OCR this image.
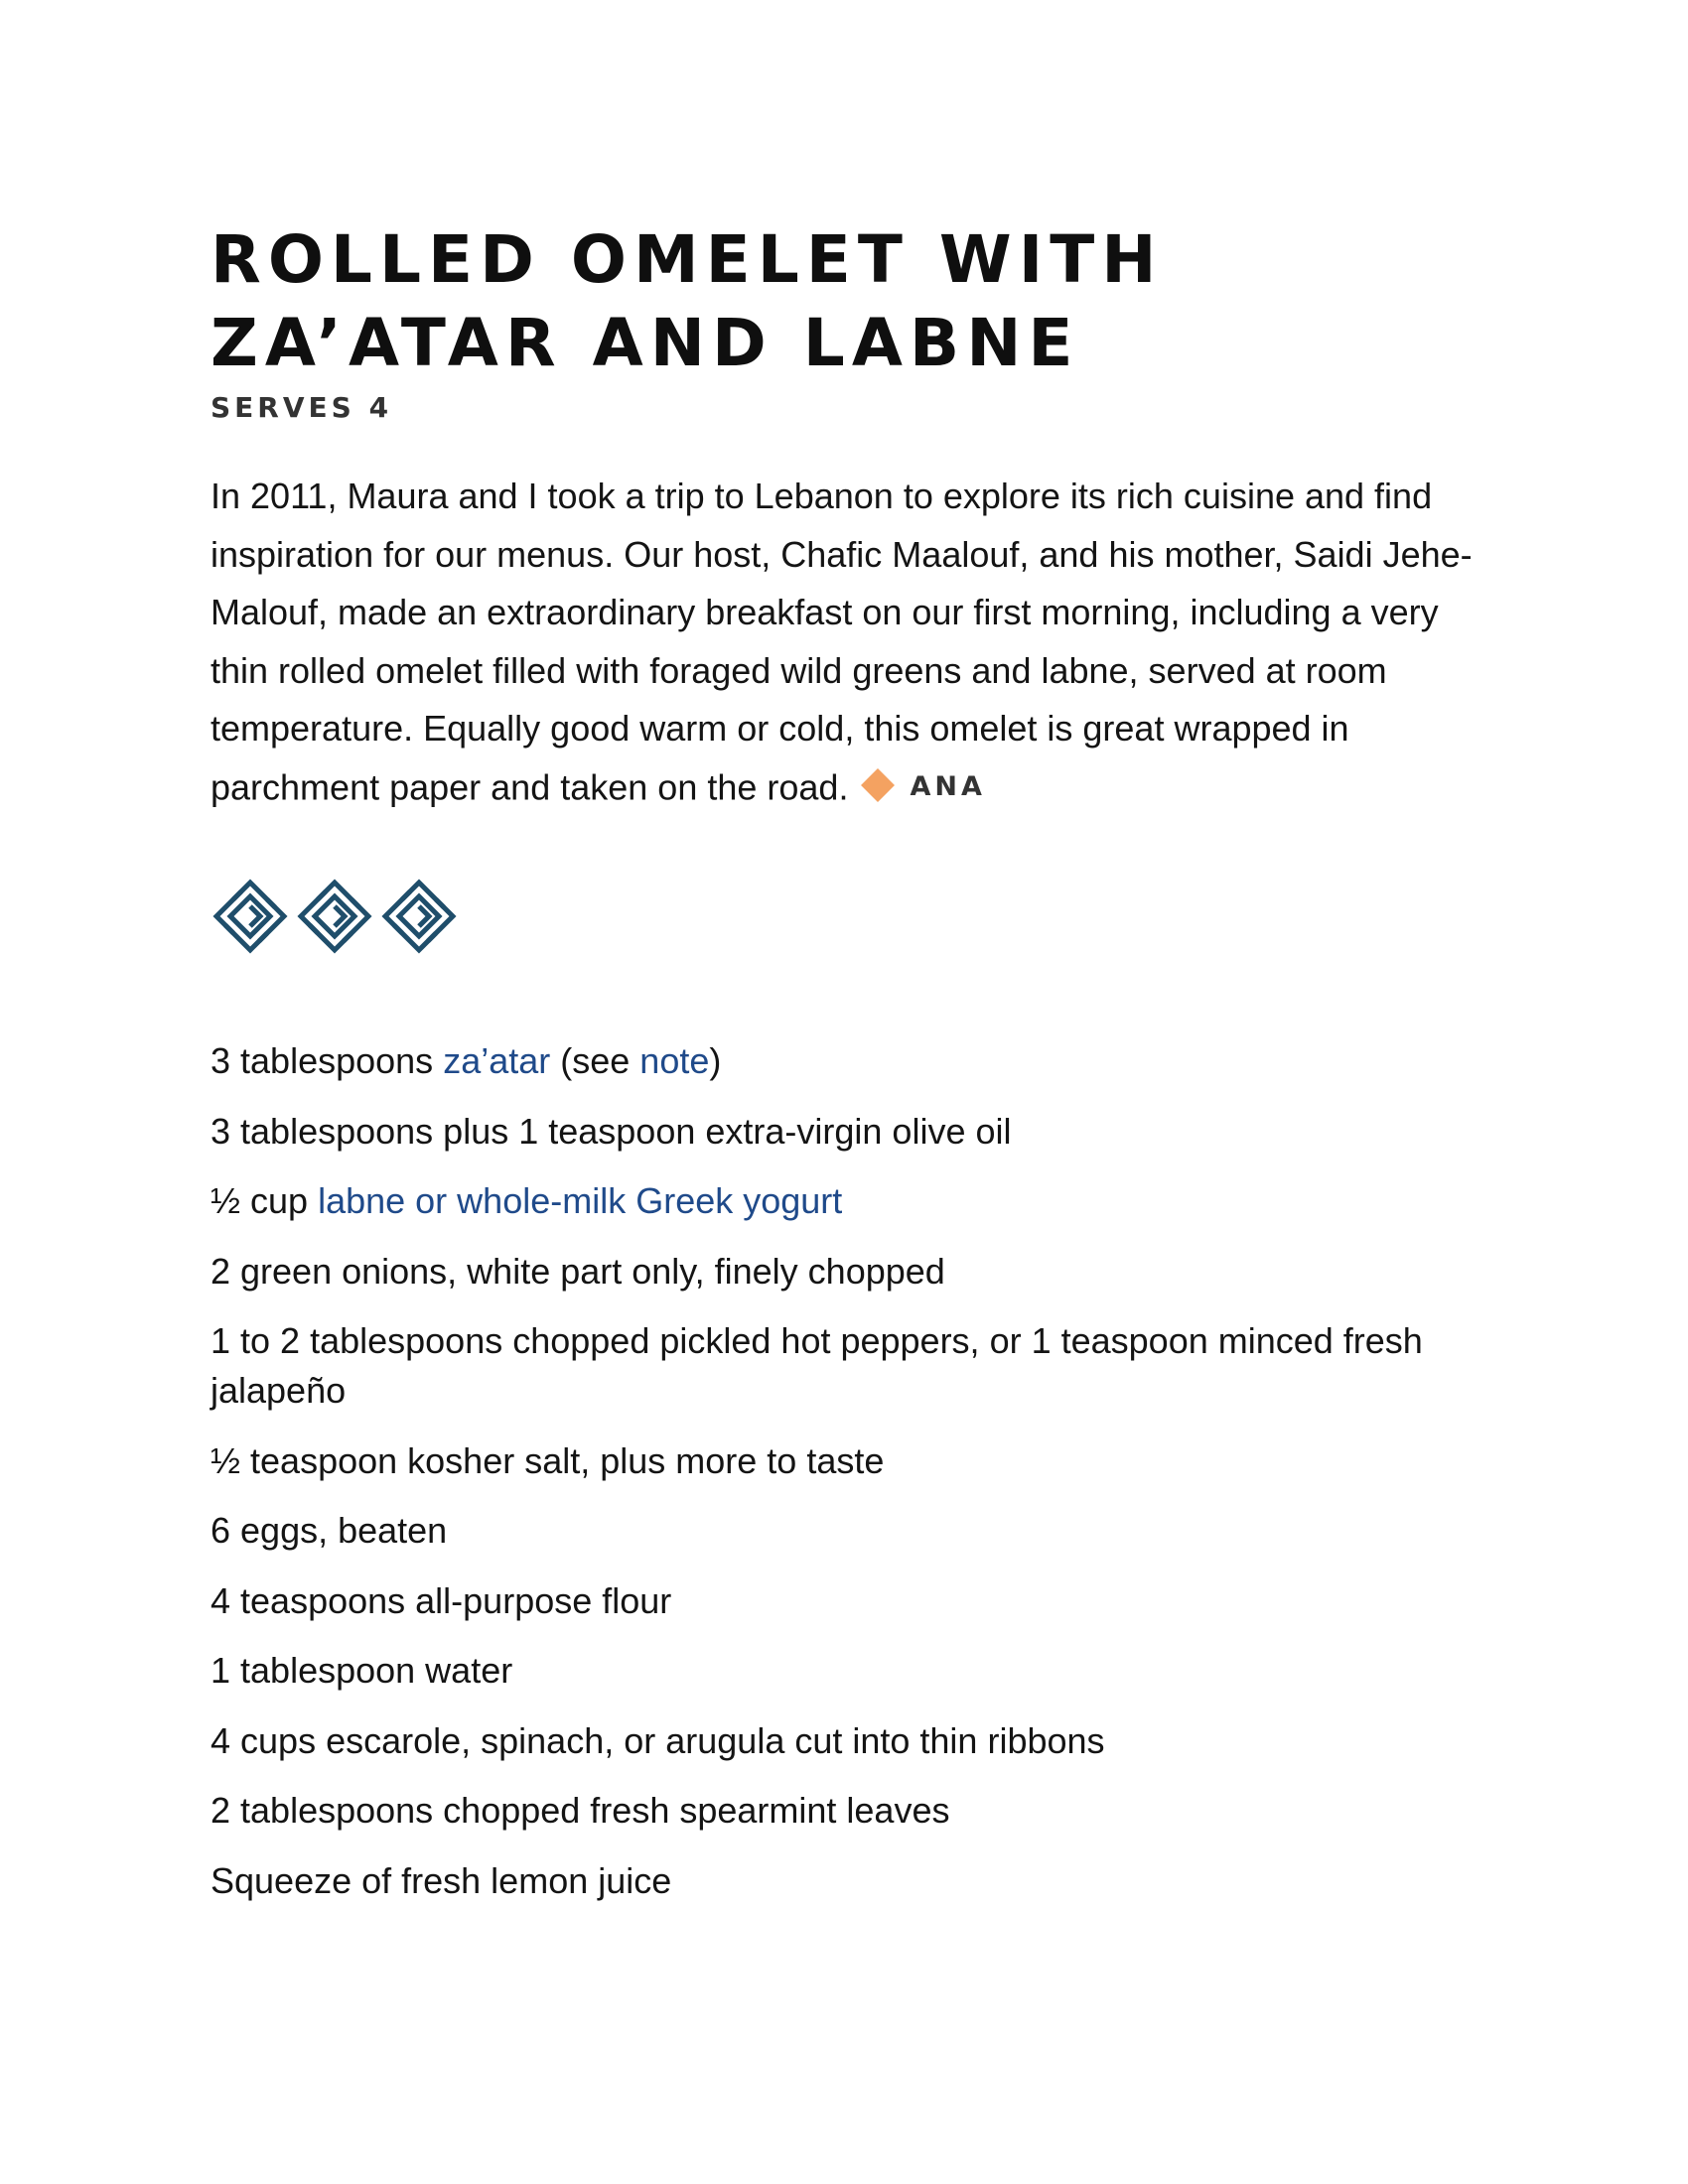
ROLLED OMELET WITH
ZA’ATAR AND LABNE
SERVES 4

In 2011, Maura and I took a trip to Lebanon to explore its rich cuisine and find inspiration for our menus. Our host, Chafic Maalouf, and his mother, Saidi Jehe-Malouf, made an extraordinary breakfast on our first morning, including a very thin rolled omelet filled with foraged wild greens and labne, served at room temperature. Equally good warm or cold, this omelet is great wrapped in parchment paper and taken on the road. ANA

3 tablespoons za’atar (see note)
3 tablespoons plus 1 teaspoon extra-virgin olive oil
½ cup labne or whole-milk Greek yogurt
2 green onions, white part only, finely chopped
1 to 2 tablespoons chopped pickled hot peppers, or 1 teaspoon minced fresh jalapeño
½ teaspoon kosher salt, plus more to taste
6 eggs, beaten
4 teaspoons all-purpose flour
1 tablespoon water
4 cups escarole, spinach, or arugula cut into thin ribbons
2 tablespoons chopped fresh spearmint leaves
Squeeze of fresh lemon juice
